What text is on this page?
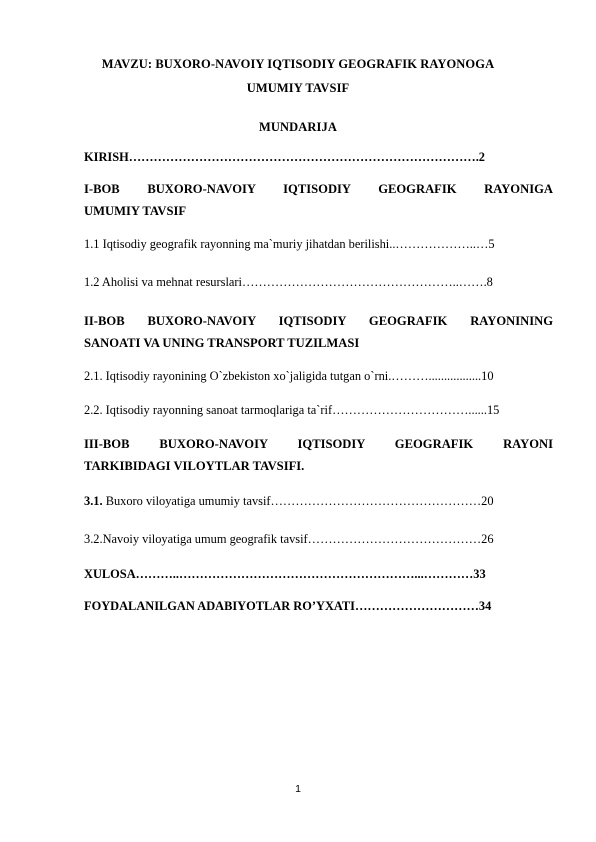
MAVZU: BUXORO-NAVOIY IQTISODIY GEOGRAFIK RAYONOGA
UMUMIY TAVSIF
MUNDARIJA
KIRISH………………………………………………………………………….2
I-BOB BUXORO-NAVOIY IQTISODIY GEOGRAFIK RAYONIGA
UMUMIY TAVSIF
1.1 Iqtisodiy geografik rayonning ma`muriy jihatdan berilishi..………………..…5
1.2 Aholisi va mehnat resurslari……………………………………………..…….8
II-BOB BUXORO-NAVOIY IQTISODIY GEOGRAFIK RAYONINING
SANOATI VA UNING TRANSPORT TUZILMASI
2.1. Iqtisodiy rayonining O`zbekiston xo`jaligida tutgan o`rni.……….................10
2.2. Iqtisodiy rayonning sanoat tarmoqlariga ta`rif……………………………......15
III-BOB BUXORO-NAVOIY IQTISODIY GEOGRAFIK RAYONI
TARKIBIDAGI VILOYTLAR TAVSIFI.
3.1. Buxoro viloyatiga umumiy tavsif……………………………………………20
3.2.Navoiy viloyatiga umum geografik tavsif……………………………………26
XULOSA………..…………………………………………………...…………33
FOYDALANILGAN ADABIYOTLAR RO’YXATI…………………………34
1
